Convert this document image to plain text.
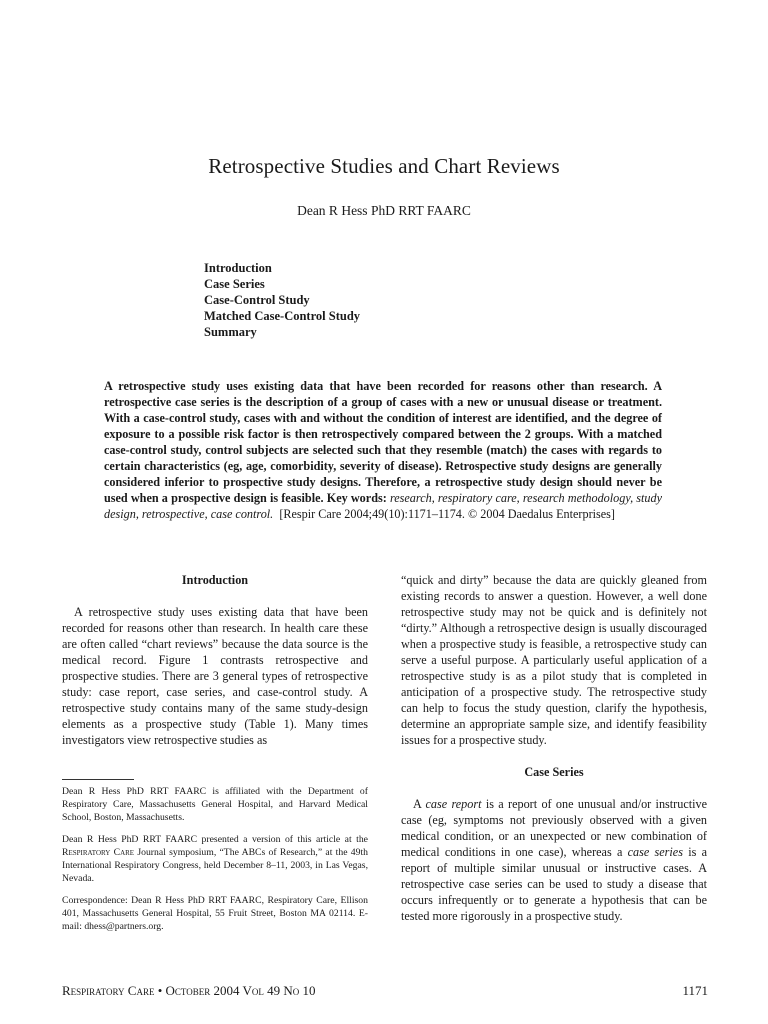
Retrospective Studies and Chart Reviews
Dean R Hess PhD RRT FAARC
Introduction
Case Series
Case-Control Study
Matched Case-Control Study
Summary
A retrospective study uses existing data that have been recorded for reasons other than research. A retrospective case series is the description of a group of cases with a new or unusual disease or treatment. With a case-control study, cases with and without the condition of interest are identified, and the degree of exposure to a possible risk factor is then retrospectively compared between the 2 groups. With a matched case-control study, control subjects are selected such that they resemble (match) the cases with regards to certain characteristics (eg, age, comorbidity, severity of disease). Retrospective study designs are generally considered inferior to prospective study designs. Therefore, a retrospective study design should never be used when a prospective design is feasible. Key words: research, respiratory care, research methodology, study design, retrospective, case control. [Respir Care 2004;49(10):1171–1174. © 2004 Daedalus Enterprises]

Introduction

A retrospective study uses existing data that have been recorded for reasons other than research. In health care these are often called “chart reviews” because the data source is the medical record. Figure 1 contrasts retrospective and prospective studies. There are 3 general types of retrospective study: case report, case series, and case-control study. A retrospective study contains many of the same study-design elements as a prospective study (Table 1). Many times investigators view retrospective studies as

Dean R Hess PhD RRT FAARC is affiliated with the Department of Respiratory Care, Massachusetts General Hospital, and Harvard Medical School, Boston, Massachusetts.

Dean R Hess PhD RRT FAARC presented a version of this article at the Respiratory Care Journal symposium, “The ABCs of Research,” at the 49th International Respiratory Congress, held December 8–11, 2003, in Las Vegas, Nevada.

Correspondence: Dean R Hess PhD RRT FAARC, Respiratory Care, Ellison 401, Massachusetts General Hospital, 55 Fruit Street, Boston MA 02114. E-mail: dhess@partners.org.

“quick and dirty” because the data are quickly gleaned from existing records to answer a question. However, a well done retrospective study may not be quick and is definitely not “dirty.” Although a retrospective design is usually discouraged when a prospective study is feasible, a retrospective study can serve a useful purpose. A particularly useful application of a retrospective study is as a pilot study that is completed in anticipation of a prospective study. The retrospective study can help to focus the study question, clarify the hypothesis, determine an appropriate sample size, and identify feasibility issues for a prospective study.

Case Series

A case report is a report of one unusual and/or instructive case (eg, symptoms not previously observed with a given medical condition, or an unexpected or new combination of medical conditions in one case), whereas a case series is a report of multiple similar unusual or instructive cases. A retrospective case series can be used to study a disease that occurs infrequently or to generate a hypothesis that can be tested more rigorously in a prospective study.

Respiratory Care • October 2004 Vol 49 No 10	1171
